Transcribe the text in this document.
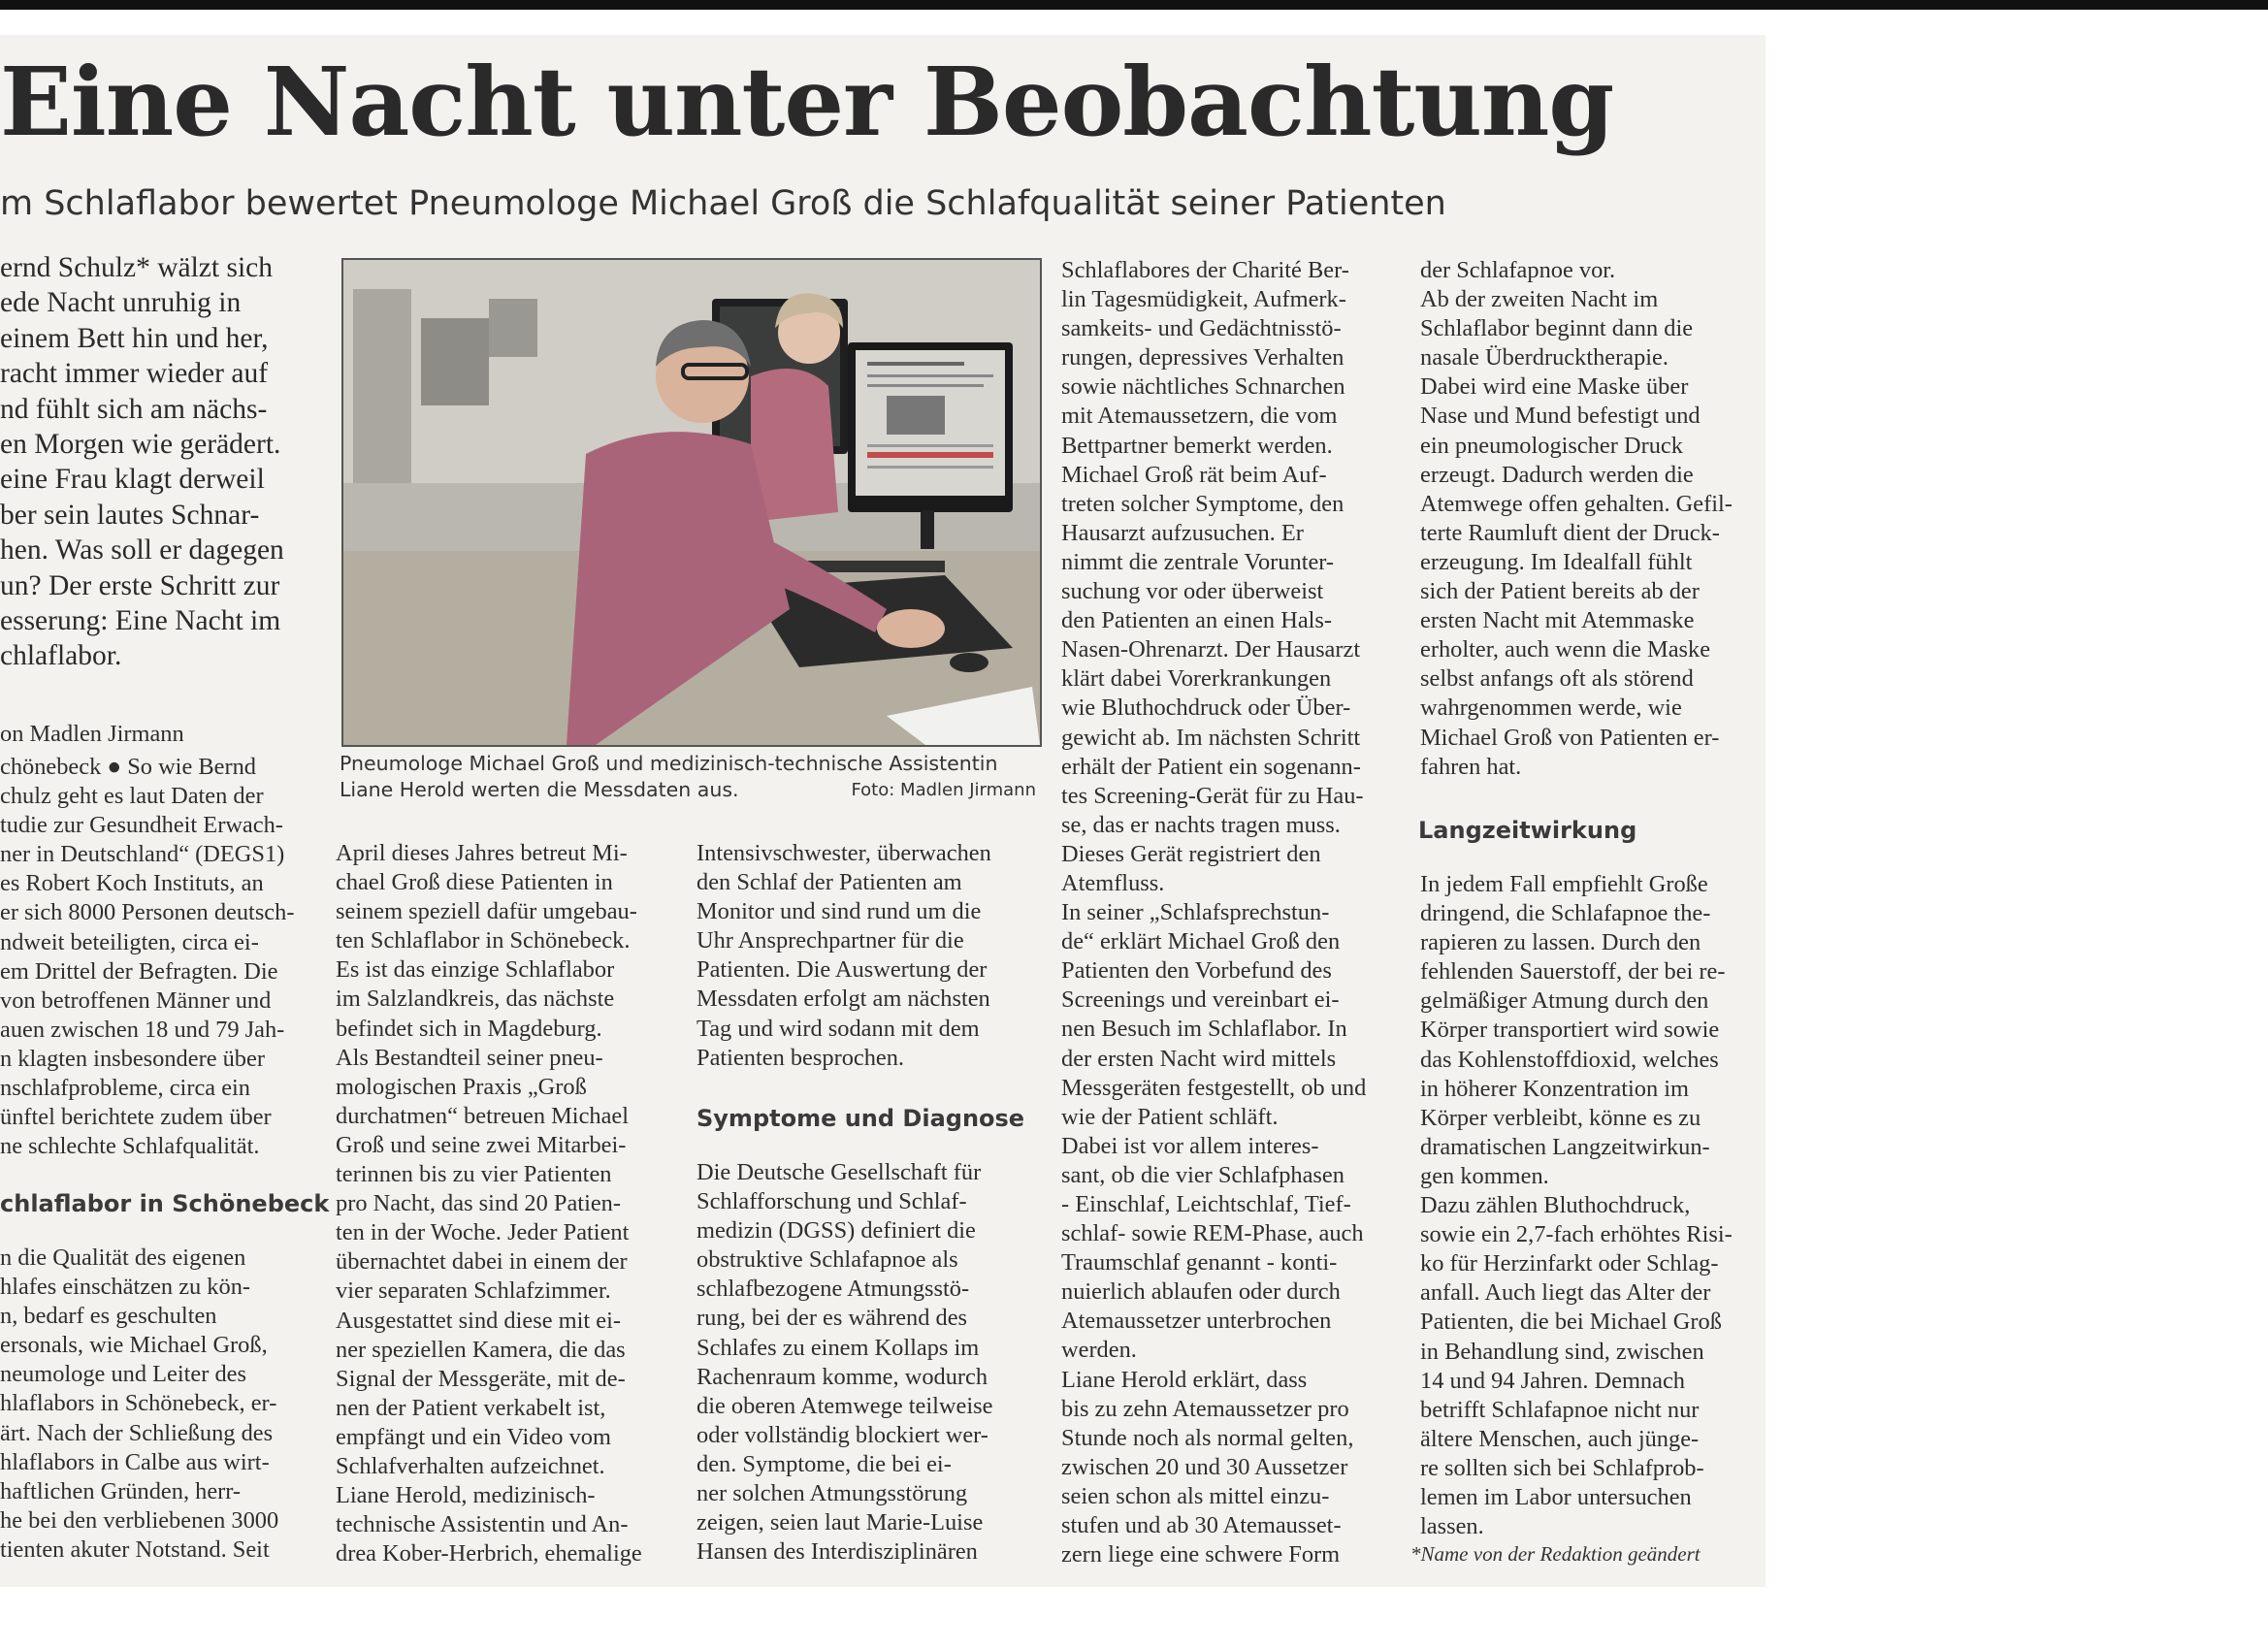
Eine Nacht unter Beobachtung
m Schlaflabor bewertet Pneumologe Michael Groß die Schlafqualität seiner Patienten
ernd Schulz* wälzt sich
ede Nacht unruhig in
einem Bett hin und her,
racht immer wieder auf
nd fühlt sich am nächs-
en Morgen wie gerädert.
eine Frau klagt derweil
ber sein lautes Schnar-
hen. Was soll er dagegen
un? Der erste Schritt zur
esserung: Eine Nacht im
chlaflabor.
on Madlen Jirmann
chönebeck ● So wie Bernd
chulz geht es laut Daten der
tudie zur Gesundheit Erwach-
ner in Deutschland“ (DEGS1)
es Robert Koch Instituts, an
er sich 8000 Personen deutsch-
ndweit beteiligten, circa ei-
em Drittel der Befragten. Die
von betroffenen Männer und
auen zwischen 18 und 79 Jah-
n klagten insbesondere über
nschlafprobleme, circa ein
ünftel berichtete zudem über
ne schlechte Schlafqualität.
chlaflabor in Schönebeck
n die Qualität des eigenen
hlafes einschätzen zu kön-
n, bedarf es geschulten
ersonals, wie Michael Groß,
neumologe und Leiter des
hlaflabors in Schönebeck, er-
ärt. Nach der Schließung des
hlaflabors in Calbe aus wirt-
haftlichen Gründen, herr-
he bei den verbliebenen 3000
tienten akuter Notstand. Seit
Pneumologe Michael Groß und medizinisch-technische Assistentin
Liane Herold werten die Messdaten aus.	Foto: Madlen Jirmann
April dieses Jahres betreut Mi-
chael Groß diese Patienten in
seinem speziell dafür umgebau-
ten Schlaflabor in Schönebeck.
Es ist das einzige Schlaflabor
im Salzlandkreis, das nächste
befindet sich in Magdeburg.
Als Bestandteil seiner pneu-
mologischen Praxis „Groß
durchatmen“ betreuen Michael
Groß und seine zwei Mitarbei-
terinnen bis zu vier Patienten
pro Nacht, das sind 20 Patien-
ten in der Woche. Jeder Patient
übernachtet dabei in einem der
vier separaten Schlafzimmer.
Ausgestattet sind diese mit ei-
ner speziellen Kamera, die das
Signal der Messgeräte, mit de-
nen der Patient verkabelt ist,
empfängt und ein Video vom
Schlafverhalten aufzeichnet.
Liane Herold, medizinisch-
technische Assistentin und An-
drea Kober-Herbrich, ehemalige
Intensivschwester, überwachen
den Schlaf der Patienten am
Monitor und sind rund um die
Uhr Ansprechpartner für die
Patienten. Die Auswertung der
Messdaten erfolgt am nächsten
Tag und wird sodann mit dem
Patienten besprochen.
Symptome und Diagnose
Die Deutsche Gesellschaft für
Schlafforschung und Schlaf-
medizin (DGSS) definiert die
obstruktive Schlafapnoe als
schlafbezogene Atmungsstö-
rung, bei der es während des
Schlafes zu einem Kollaps im
Rachenraum komme, wodurch
die oberen Atemwege teilweise
oder vollständig blockiert wer-
den. Symptome, die bei ei-
ner solchen Atmungsstörung
zeigen, seien laut Marie-Luise
Hansen des Interdisziplinären
Schlaflabores der Charité Ber-
lin Tagesmüdigkeit, Aufmerk-
samkeits- und Gedächtnisstö-
rungen, depressives Verhalten
sowie nächtliches Schnarchen
mit Atemaussetzern, die vom
Bettpartner bemerkt werden.
Michael Groß rät beim Auf-
treten solcher Symptome, den
Hausarzt aufzusuchen. Er
nimmt die zentrale Vorunter-
suchung vor oder überweist
den Patienten an einen Hals-
Nasen-Ohrenarzt. Der Hausarzt
klärt dabei Vorerkrankungen
wie Bluthochdruck oder Über-
gewicht ab. Im nächsten Schritt
erhält der Patient ein sogenann-
tes Screening-Gerät für zu Hau-
se, das er nachts tragen muss.
Dieses Gerät registriert den
Atemfluss.
In seiner „Schlafsprechstun-
de“ erklärt Michael Groß den
Patienten den Vorbefund des
Screenings und vereinbart ei-
nen Besuch im Schlaflabor. In
der ersten Nacht wird mittels
Messgeräten festgestellt, ob und
wie der Patient schläft.
Dabei ist vor allem interes-
sant, ob die vier Schlafphasen
- Einschlaf, Leichtschlaf, Tief-
schlaf- sowie REM-Phase, auch
Traumschlaf genannt - konti-
nuierlich ablaufen oder durch
Atemaussetzer unterbrochen
werden.
Liane Herold erklärt, dass
bis zu zehn Atemaussetzer pro
Stunde noch als normal gelten,
zwischen 20 und 30 Aussetzer
seien schon als mittel einzu-
stufen und ab 30 Atemausset-
zern liege eine schwere Form
der Schlafapnoe vor.
Ab der zweiten Nacht im
Schlaflabor beginnt dann die
nasale Überdrucktherapie.
Dabei wird eine Maske über
Nase und Mund befestigt und
ein pneumologischer Druck
erzeugt. Dadurch werden die
Atemwege offen gehalten. Gefil-
terte Raumluft dient der Druck-
erzeugung. Im Idealfall fühlt
sich der Patient bereits ab der
ersten Nacht mit Atemmaske
erholter, auch wenn die Maske
selbst anfangs oft als störend
wahrgenommen werde, wie
Michael Groß von Patienten er-
fahren hat.
Langzeitwirkung
In jedem Fall empfiehlt Große
dringend, die Schlafapnoe the-
rapieren zu lassen. Durch den
fehlenden Sauerstoff, der bei re-
gelmäßiger Atmung durch den
Körper transportiert wird sowie
das Kohlenstoffdioxid, welches
in höherer Konzentration im
Körper verbleibt, könne es zu
dramatischen Langzeitwirkun-
gen kommen.
Dazu zählen Bluthochdruck,
sowie ein 2,7-fach erhöhtes Risi-
ko für Herzinfarkt oder Schlag-
anfall. Auch liegt das Alter der
Patienten, die bei Michael Groß
in Behandlung sind, zwischen
14 und 94 Jahren. Demnach
betrifft Schlafapnoe nicht nur
ältere Menschen, auch jünge-
re sollten sich bei Schlafprob-
lemen im Labor untersuchen
lassen.
*Name von der Redaktion geändert
